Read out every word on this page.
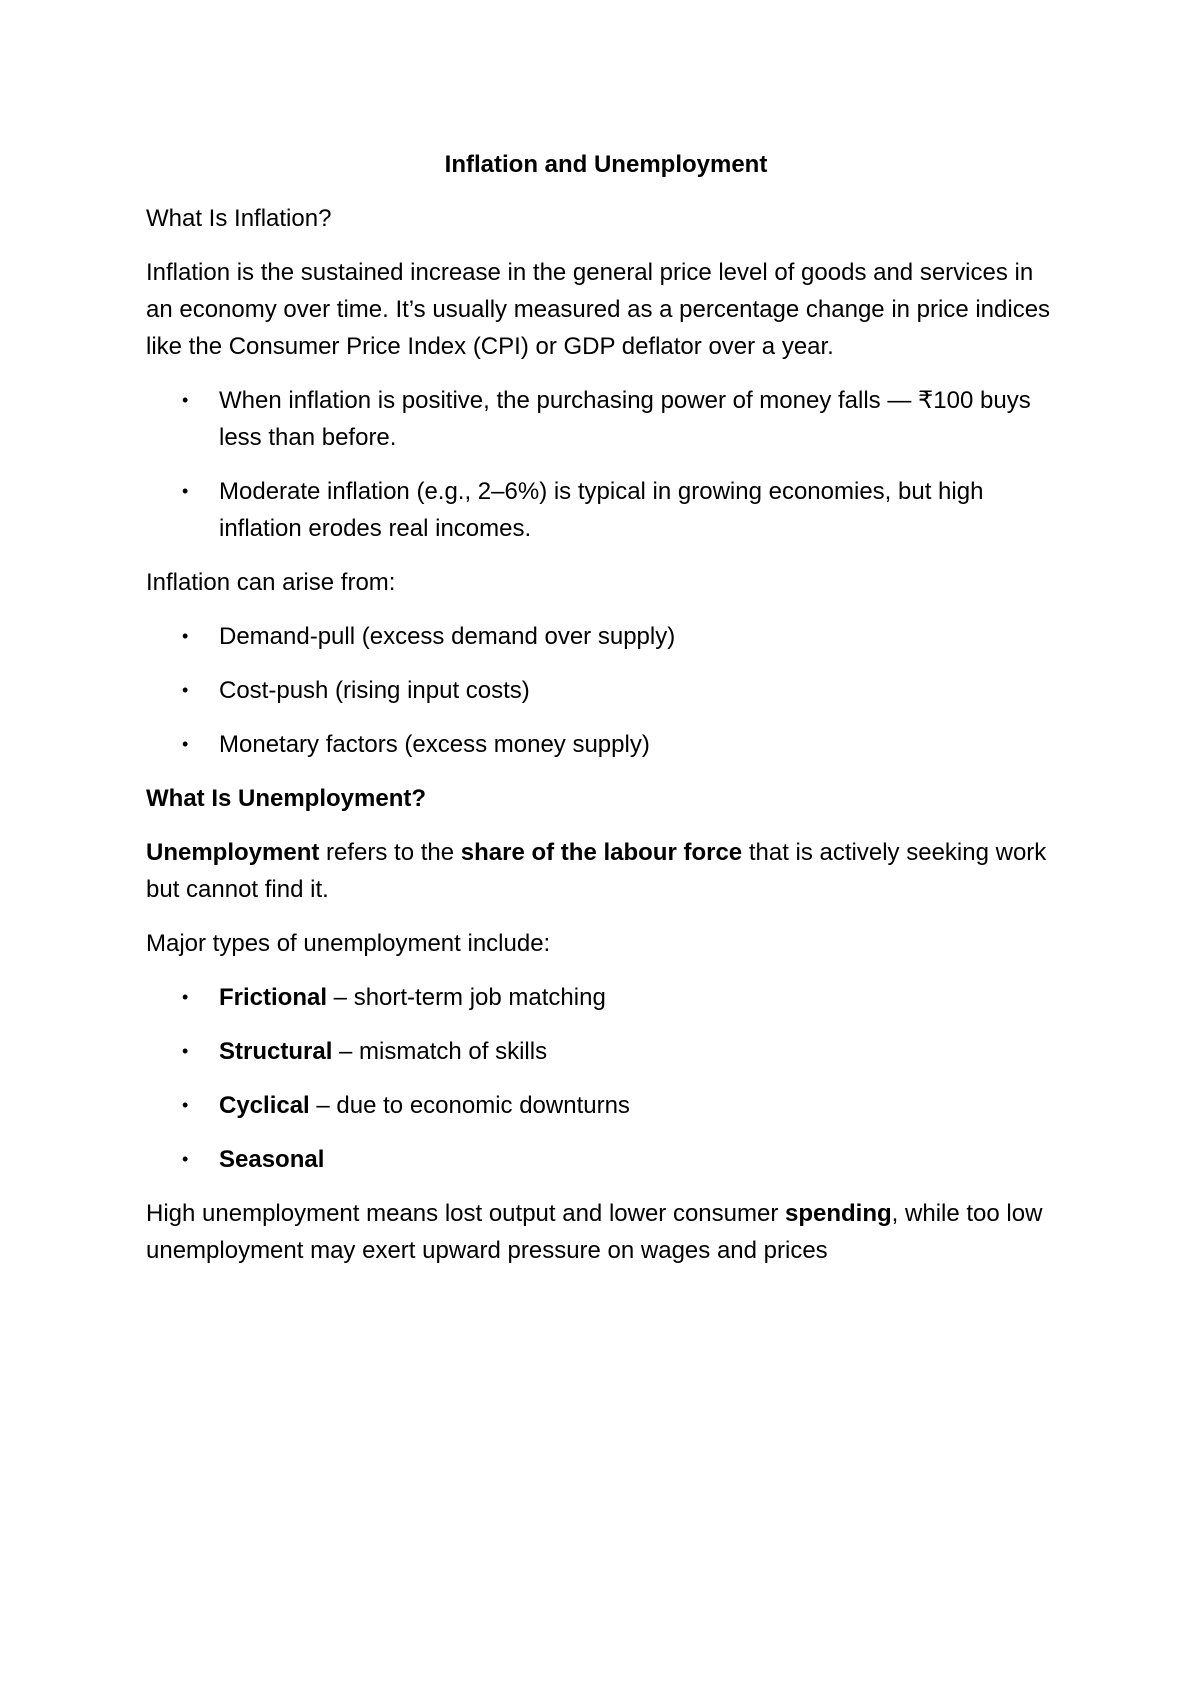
Inflation and Unemployment

What Is Inflation?

Inflation is the sustained increase in the general price level of goods and services in an economy over time. It’s usually measured as a percentage change in price indices like the Consumer Price Index (CPI) or GDP deflator over a year.

• When inflation is positive, the purchasing power of money falls — ₹100 buys less than before.
• Moderate inflation (e.g., 2–6%) is typical in growing economies, but high inflation erodes real incomes.

Inflation can arise from:

• Demand-pull (excess demand over supply)
• Cost-push (rising input costs)
• Monetary factors (excess money supply)

What Is Unemployment?

Unemployment refers to the share of the labour force that is actively seeking work but cannot find it.

Major types of unemployment include:

• Frictional – short-term job matching
• Structural – mismatch of skills
• Cyclical – due to economic downturns
• Seasonal

High unemployment means lost output and lower consumer spending, while too low unemployment may exert upward pressure on wages and prices
